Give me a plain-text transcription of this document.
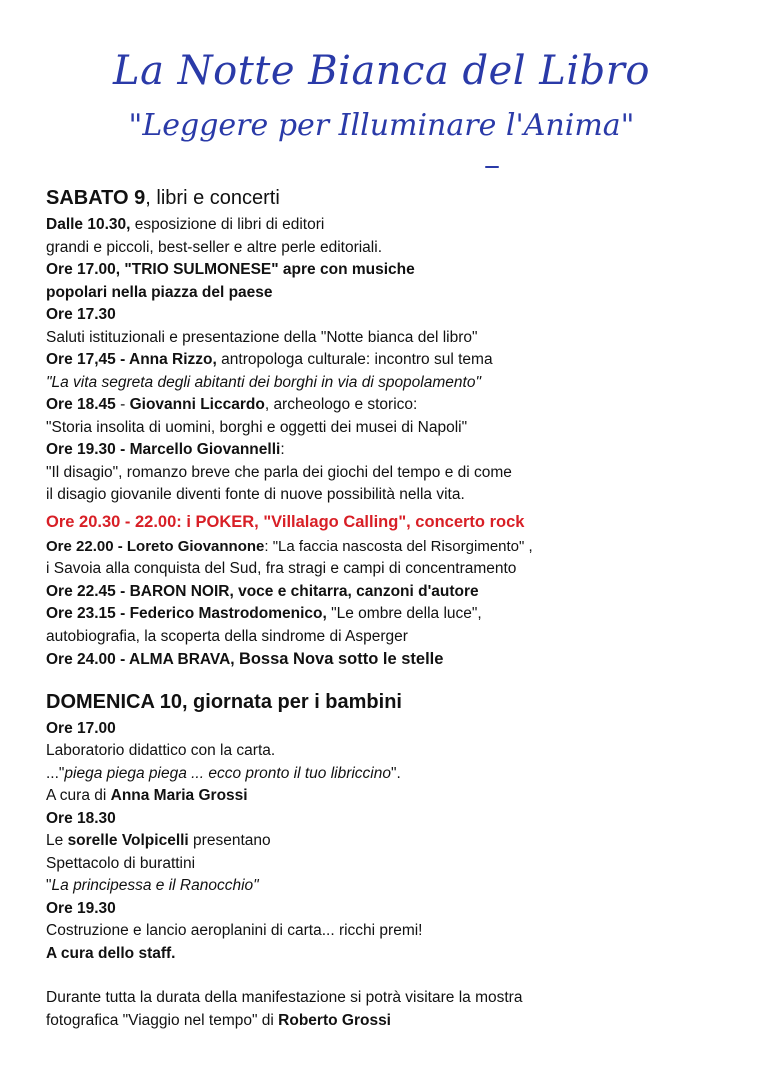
La Notte Bianca del Libro
"Leggere per Illuminare l'Anima"
SABATO 9, libri e concerti
Dalle 10.30, esposizione di libri di editori
grandi e piccoli, best-seller e altre perle editoriali.
Ore 17.00, "TRIO SULMONESE" apre con musiche
popolari nella piazza del paese
Ore 17.30
Saluti istituzionali e presentazione della "Notte bianca del libro"
Ore 17,45 - Anna Rizzo, antropologa culturale: incontro sul tema
"La vita segreta degli abitanti dei borghi in via di spopolamento"
Ore 18.45 - Giovanni Liccardo, archeologo e storico:
"Storia insolita di uomini, borghi e oggetti dei musei di Napoli"
Ore 19.30 - Marcello Giovannelli:
"Il disagio", romanzo breve che parla dei giochi del tempo e di come
il disagio giovanile diventi fonte di nuove possibilità nella vita.
Ore 20.30 - 22.00: i POKER, "Villalago Calling", concerto rock
Ore 22.00 - Loreto Giovannone: "La faccia nascosta del Risorgimento" ,
i Savoia alla conquista del Sud, fra stragi e campi di concentramento
Ore 22.45 - BARON NOIR, voce e chitarra, canzoni d'autore
Ore 23.15 - Federico Mastrodomenico, "Le ombre della luce",
autobiografia, la scoperta della sindrome di Asperger
Ore 24.00 - ALMA BRAVA, Bossa Nova sotto le stelle
DOMENICA 10, giornata per i bambini
Ore 17.00
Laboratorio didattico con la carta.
..."piega piega piega ... ecco pronto il tuo libriccino".
A cura di Anna Maria Grossi
Ore 18.30
Le sorelle Volpicelli presentano
Spettacolo di burattini
"La principessa e il Ranocchio"
Ore 19.30
Costruzione e lancio aeroplanini di carta... ricchi premi!
A cura dello staff.
Durante tutta la durata della manifestazione si potrà visitare la mostra
fotografica "Viaggio nel tempo" di Roberto Grossi
